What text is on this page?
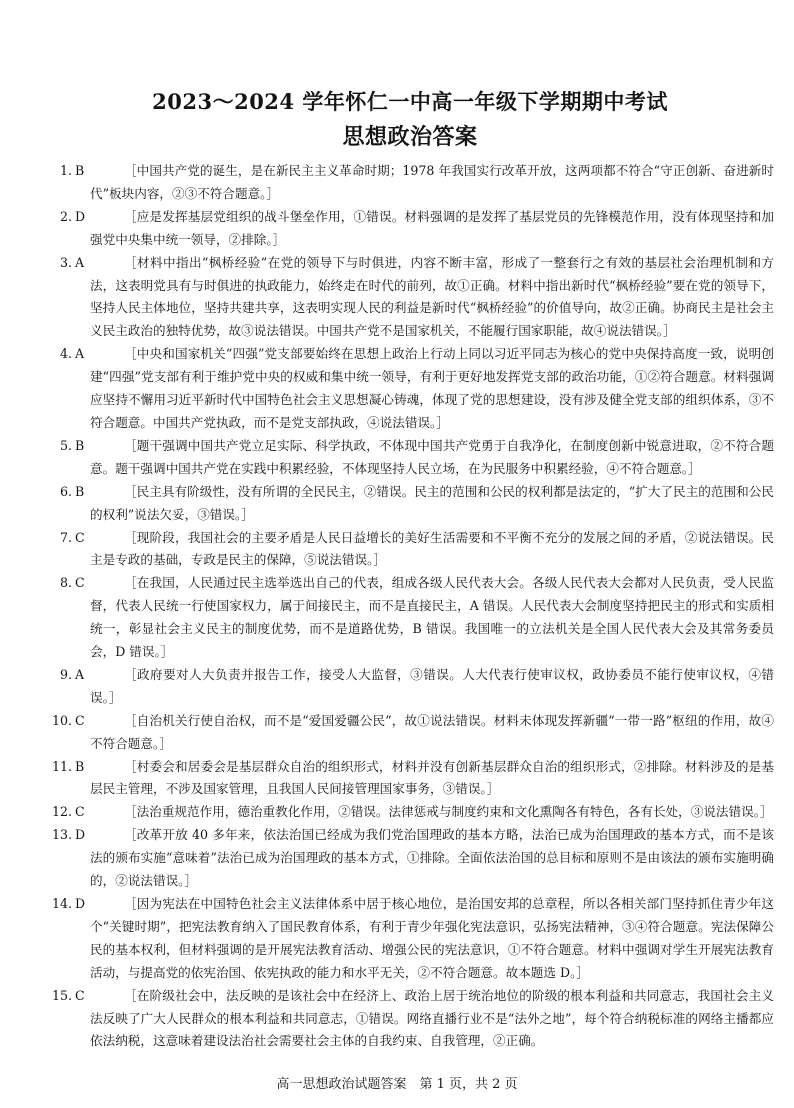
2023～2024 学年怀仁一中高一年级下学期期中考试
思想政治答案
1. B	［中国共产党的诞生，是在新民主主义革命时期；1978 年我国实行改革开放，这两项都不符合“守正创新、奋进新时代”板块内容，②③不符合题意。］
2. D	［应是发挥基层党组织的战斗堡垒作用，①错误。材料强调的是发挥了基层党员的先锋模范作用，没有体现坚持和加强党中央集中统一领导，②排除。］
3. A	［材料中指出“枫桥经验”在党的领导下与时俱进，内容不断丰富，形成了一整套行之有效的基层社会治理机制和方法，这表明党具有与时俱进的执政能力，始终走在时代的前列，故①正确。材料中指出新时代“枫桥经验”要在党的领导下，坚持人民主体地位，坚持共建共享，这表明实现人民的利益是新时代“枫桥经验”的价值导向，故②正确。协商民主是社会主义民主政治的独特优势，故③说法错误。中国共产党不是国家机关，不能履行国家职能，故④说法错误。］
4. A	［中央和国家机关“四强”党支部要始终在思想上政治上行动上同以习近平同志为核心的党中央保持高度一致，说明创建“四强”党支部有利于维护党中央的权威和集中统一领导，有利于更好地发挥党支部的政治功能，①②符合题意。材料强调应坚持不懈用习近平新时代中国特色社会主义思想凝心铸魂，体现了党的思想建设，没有涉及健全党支部的组织体系，③不符合题意。中国共产党执政，而不是党支部执政，④说法错误。］
5. B	［题干强调中国共产党立足实际、科学执政，不体现中国共产党勇于自我净化，在制度创新中锐意进取，②不符合题意。题干强调中国共产党在实践中积累经验，不体现坚持人民立场，在为民服务中积累经验，④不符合题意。］
6. B	［民主具有阶级性，没有所谓的全民民主，②错误。民主的范围和公民的权利都是法定的，“扩大了民主的范围和公民的权利”说法欠妥，③错误。］
7. C	［现阶段，我国社会的主要矛盾是人民日益增长的美好生活需要和不平衡不充分的发展之间的矛盾，②说法错误。民主是专政的基础，专政是民主的保障，⑤说法错误。］
8. C	［在我国，人民通过民主选举选出自己的代表，组成各级人民代表大会。各级人民代表大会都对人民负责，受人民监督，代表人民统一行使国家权力，属于间接民主，而不是直接民主，A 错误。人民代表大会制度坚持把民主的形式和实质相统一，彰显社会主义民主的制度优势，而不是道路优势，B 错误。我国唯一的立法机关是全国人民代表大会及其常务委员会，D 错误。］
9. A	［政府要对人大负责并报告工作，接受人大监督，③错误。人大代表行使审议权，政协委员不能行使审议权，④错误。］
10. C	［自治机关行使自治权，而不是“爱国爱疆公民”，故①说法错误。材料未体现发挥新疆“一带一路”枢纽的作用，故④不符合题意。］
11. B	［村委会和居委会是基层群众自治的组织形式，材料并没有创新基层群众自治的组织形式，②排除。材料涉及的是基层民主管理，不涉及国家管理，且我国人民间接管理国家事务，③错误。］
12. C	［法治重规范作用，德治重教化作用，②错误。法律惩戒与制度约束和文化熏陶各有特色，各有长处，③说法错误。］
13. D	［改革开放 40 多年来，依法治国已经成为我们党治国理政的基本方略，法治已成为治国理政的基本方式，而不是该法的颁布实施“意味着”法治已成为治国理政的基本方式，①排除。全面依法治国的总目标和原则不是由该法的颁布实施明确的，②说法错误。］
14. D	［因为宪法在中国特色社会主义法律体系中居于核心地位，是治国安邦的总章程，所以各相关部门坚持抓住青少年这个“关键时期”，把宪法教育纳入了国民教育体系，有利于青少年强化宪法意识，弘扬宪法精神，③④符合题意。宪法保障公民的基本权利，但材料强调的是开展宪法教育活动、增强公民的宪法意识，①不符合题意。材料中强调对学生开展宪法教育活动，与提高党的依宪治国、依宪执政的能力和水平无关，②不符合题意。故本题选 D。］
15. C	［在阶级社会中，法反映的是该社会中在经济上、政治上居于统治地位的阶级的根本利益和共同意志，我国社会主义法反映了广大人民群众的根本利益和共同意志，①错误。网络直播行业不是“法外之地”，每个符合纳税标准的网络主播都应依法纳税，这意味着建设法治社会需要社会主体的自我约束、自我管理，②正确。
高一思想政治试题答案　第 1 页，共 2 页
